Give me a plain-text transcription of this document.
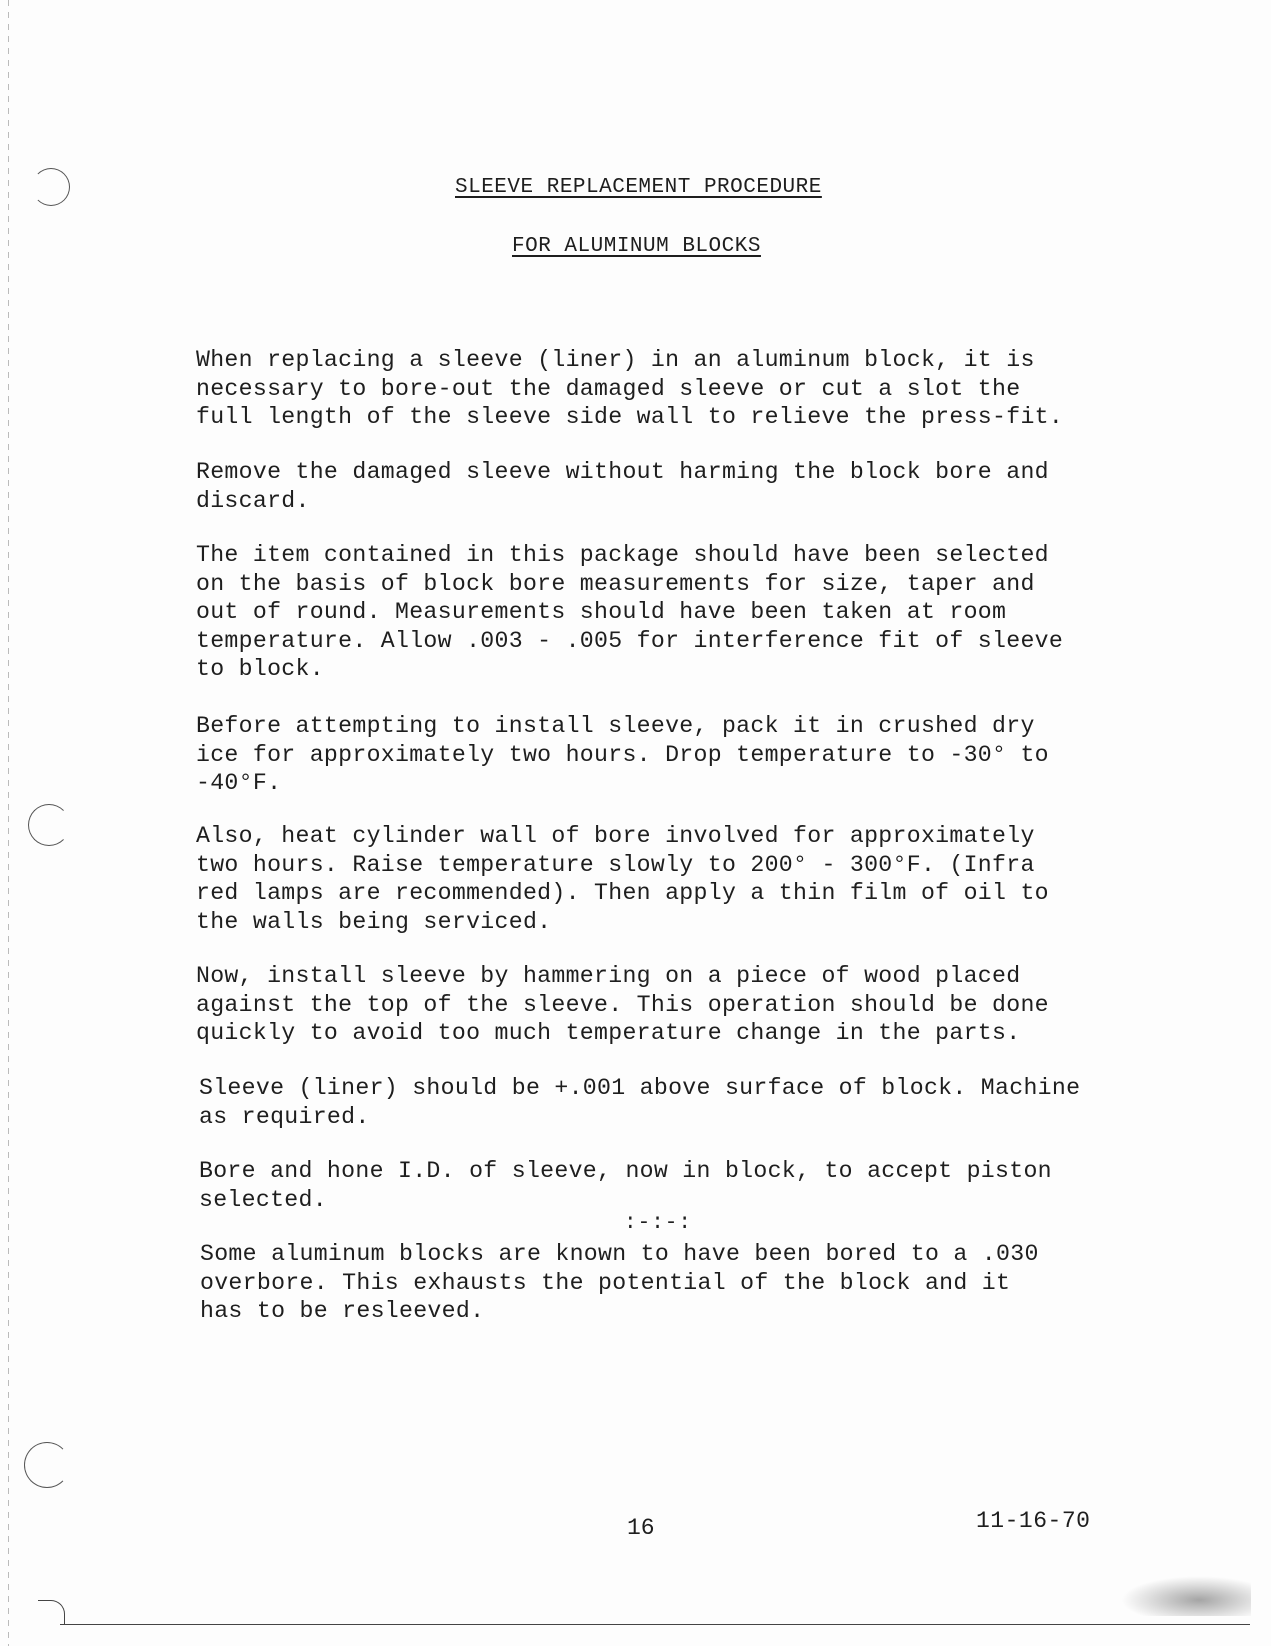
SLEEVE REPLACEMENT PROCEDURE
FOR ALUMINUM BLOCKS
When replacing a sleeve (liner) in an aluminum block, it is
necessary to bore-out the damaged sleeve or cut a slot the
full length of the sleeve side wall to relieve the press-fit.
Remove the damaged sleeve without harming the block bore and
discard.
The item contained in this package should have been selected
on the basis of block bore measurements for size, taper and
out of round. Measurements should have been taken at room
temperature. Allow .003 - .005 for interference fit of sleeve
to block.
Before attempting to install sleeve, pack it in crushed dry
ice for approximately two hours. Drop temperature to -30° to
-40°F.
Also, heat cylinder wall of bore involved for approximately
two hours. Raise temperature slowly to 200° - 300°F. (Infra
red lamps are recommended). Then apply a thin film of oil to
the walls being serviced.
Now, install sleeve by hammering on a piece of wood placed
against the top of the sleeve. This operation should be done
quickly to avoid too much temperature change in the parts.
Sleeve (liner) should be +.001 above surface of block. Machine
as required.
Bore and hone I.D. of sleeve, now in block, to accept piston
selected.
:-:-:
Some aluminum blocks are known to have been bored to a .030
overbore. This exhausts the potential of the block and it
has to be resleeved.
16	11-16-70
